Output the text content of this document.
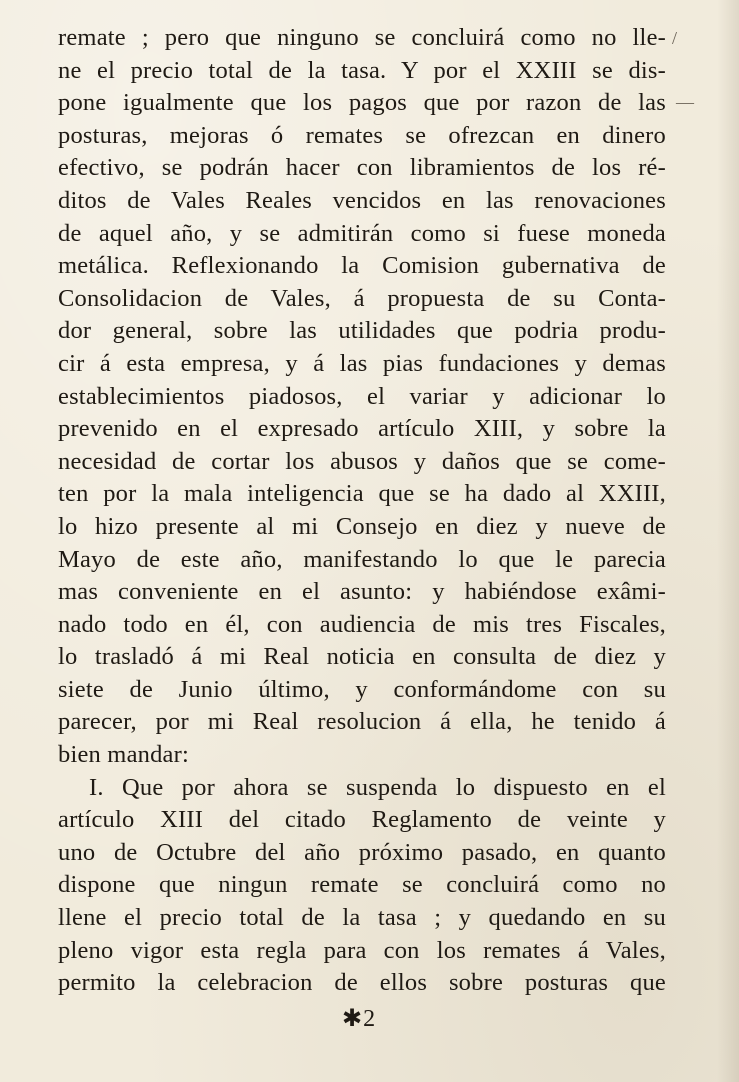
/
—
remate ; pero que ninguno se concluirá como no lle-
ne el precio total de la tasa. Y por el XXIII se dis-
pone igualmente que los pagos que por razon de las
posturas, mejoras ó remates se ofrezcan en dinero
efectivo, se podrán hacer con libramientos de los ré-
ditos de Vales Reales vencidos en las renovaciones
de aquel año, y se admitirán como si fuese moneda
metálica. Reflexionando la Comision gubernativa de
Consolidacion de Vales, á propuesta de su Conta-
dor general, sobre las utilidades que podria produ-
cir á esta empresa, y á las pias fundaciones y demas
establecimientos piadosos, el variar y adicionar lo
prevenido en el expresado artículo XIII, y sobre la
necesidad de cortar los abusos y daños que se come-
ten por la mala inteligencia que se ha dado al XXIII,
lo hizo presente al mi Consejo en diez y nueve de
Mayo de este año, manifestando lo que le parecia
mas conveniente en el asunto: y habiéndose exâmi-
nado todo en él, con audiencia de mis tres Fiscales,
lo trasladó á mi Real noticia en consulta de diez y
siete de Junio último, y conformándome con su
parecer, por mi Real resolucion á ella, he tenido á
bien mandar:
I. Que por ahora se suspenda lo dispuesto en el
artículo XIII del citado Reglamento de veinte y
uno de Octubre del año próximo pasado, en quanto
dispone que ningun remate se concluirá como no
llene el precio total de la tasa ; y quedando en su
pleno vigor esta regla para con los remates á Vales,
permito la celebracion de ellos sobre posturas que
✱2
